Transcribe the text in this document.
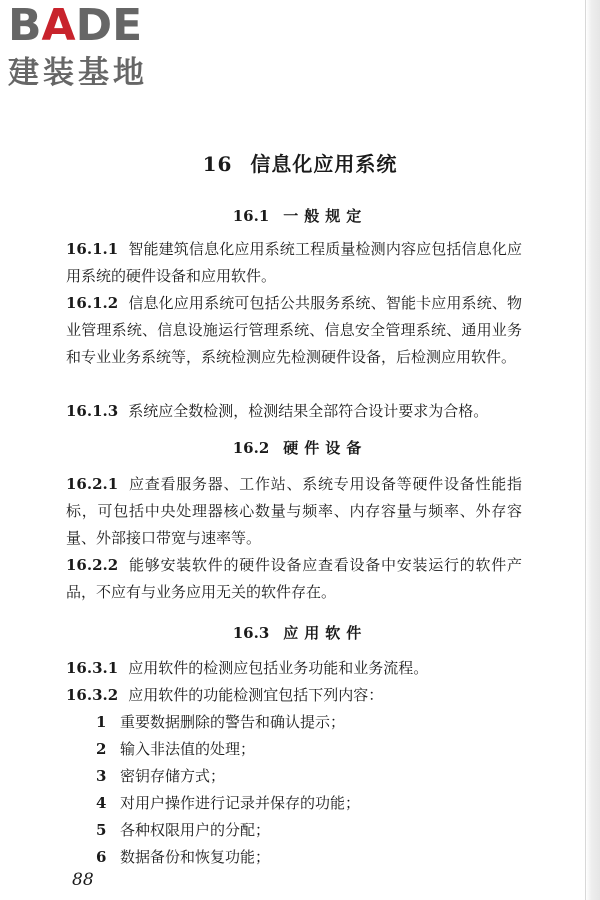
BADE
建装基地
16 信息化应用系统
16.1 一般规定
16.1.1 智能建筑信息化应用系统工程质量检测内容应包括信息化应用系统的硬件设备和应用软件。
16.1.2 信息化应用系统可包括公共服务系统、智能卡应用系统、物业管理系统、信息设施运行管理系统、信息安全管理系统、通用业务和专业业务系统等，系统检测应先检测硬件设备，后检测应用软件。
16.1.3 系统应全数检测，检测结果全部符合设计要求为合格。
16.2 硬件设备
16.2.1 应查看服务器、工作站、系统专用设备等硬件设备性能指标，可包括中央处理器核心数量与频率、内存容量与频率、外存容量、外部接口带宽与速率等。
16.2.2 能够安装软件的硬件设备应查看设备中安装运行的软件产品，不应有与业务应用无关的软件存在。
16.3 应用软件
16.3.1 应用软件的检测应包括业务功能和业务流程。
16.3.2 应用软件的功能检测宜包括下列内容：
1 重要数据删除的警告和确认提示；
2 输入非法值的处理；
3 密钥存储方式；
4 对用户操作进行记录并保存的功能；
5 各种权限用户的分配；
6 数据备份和恢复功能；
88
